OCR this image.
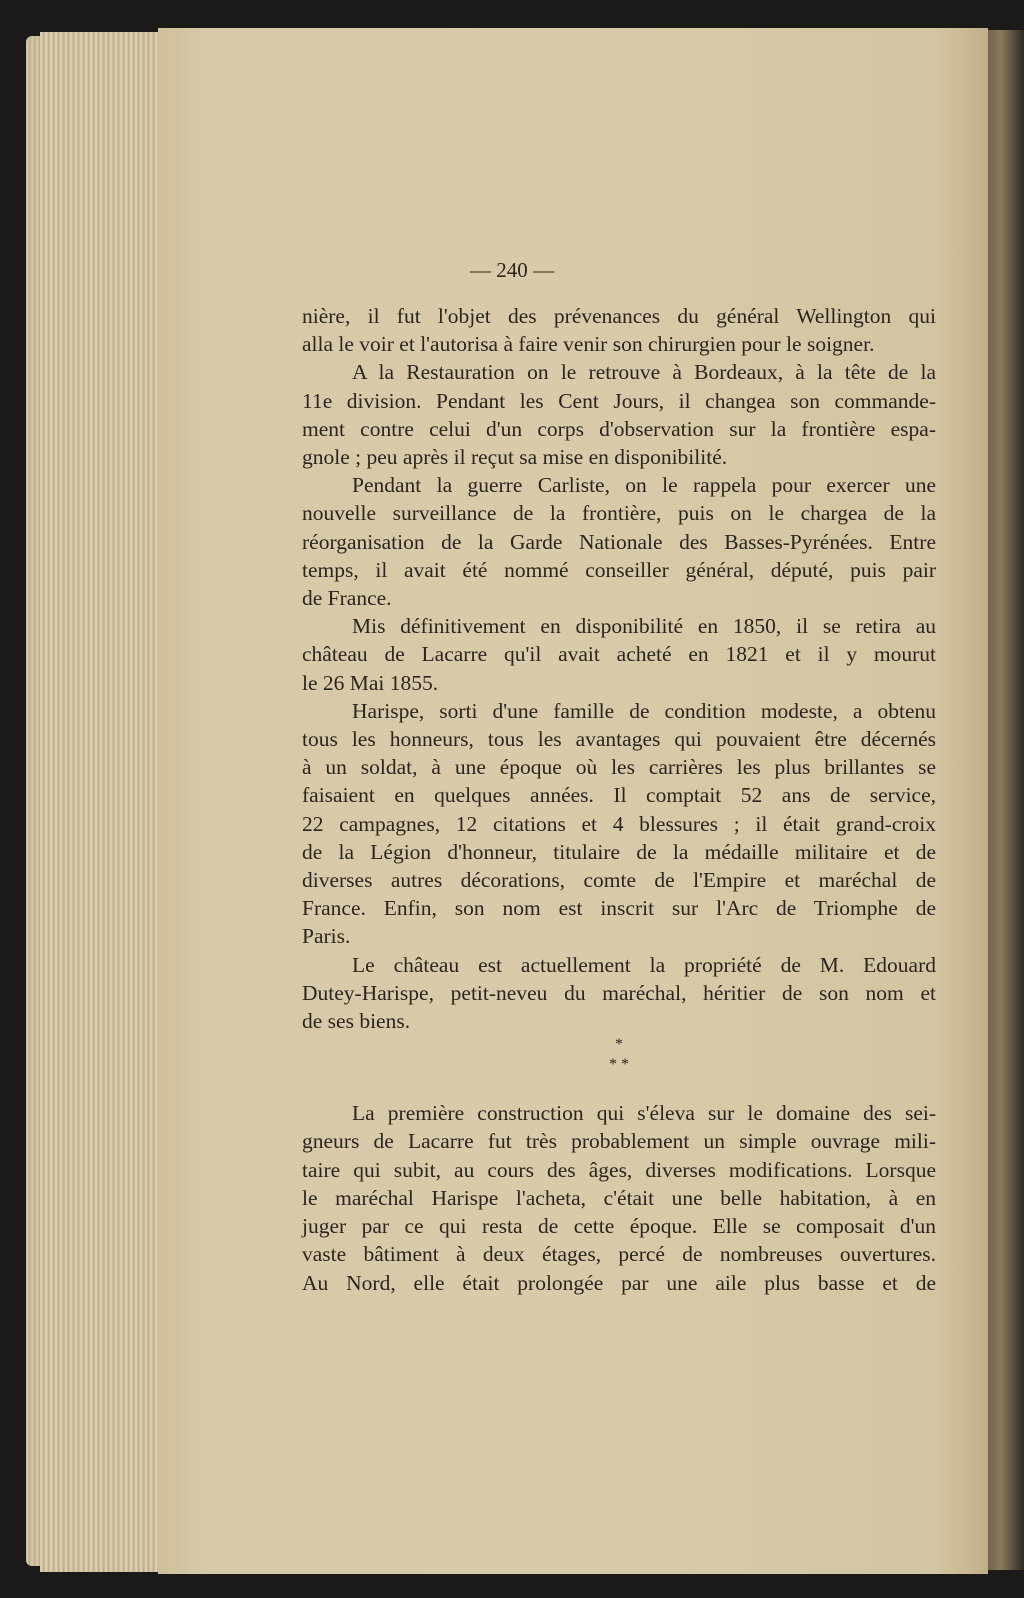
— 240 —
nière, il fut l'objet des prévenances du général Wellington qui
alla le voir et l'autorisa à faire venir son chirurgien pour le soigner.
A la Restauration on le retrouve à Bordeaux, à la tête de la
11e division. Pendant les Cent Jours, il changea son commande-
ment contre celui d'un corps d'observation sur la frontière espa-
gnole ; peu après il reçut sa mise en disponibilité.
Pendant la guerre Carliste, on le rappela pour exercer une
nouvelle surveillance de la frontière, puis on le chargea de la
réorganisation de la Garde Nationale des Basses-Pyrénées. Entre
temps, il avait été nommé conseiller général, député, puis pair
de France.
Mis définitivement en disponibilité en 1850, il se retira au
château de Lacarre qu'il avait acheté en 1821 et il y mourut
le 26 Mai 1855.
Harispe, sorti d'une famille de condition modeste, a obtenu
tous les honneurs, tous les avantages qui pouvaient être décernés
à un soldat, à une époque où les carrières les plus brillantes se
faisaient en quelques années. Il comptait 52 ans de service,
22 campagnes, 12 citations et 4 blessures ; il était grand-croix
de la Légion d'honneur, titulaire de la médaille militaire et de
diverses autres décorations, comte de l'Empire et maréchal de
France. Enfin, son nom est inscrit sur l'Arc de Triomphe de
Paris.
Le château est actuellement la propriété de M. Edouard
Dutey-Harispe, petit-neveu du maréchal, héritier de son nom et
de ses biens.
*
* *
La première construction qui s'éleva sur le domaine des sei-
gneurs de Lacarre fut très probablement un simple ouvrage mili-
taire qui subit, au cours des âges, diverses modifications. Lorsque
le maréchal Harispe l'acheta, c'était une belle habitation, à en
juger par ce qui resta de cette époque. Elle se composait d'un
vaste bâtiment à deux étages, percé de nombreuses ouvertures.
Au Nord, elle était prolongée par une aile plus basse et de
